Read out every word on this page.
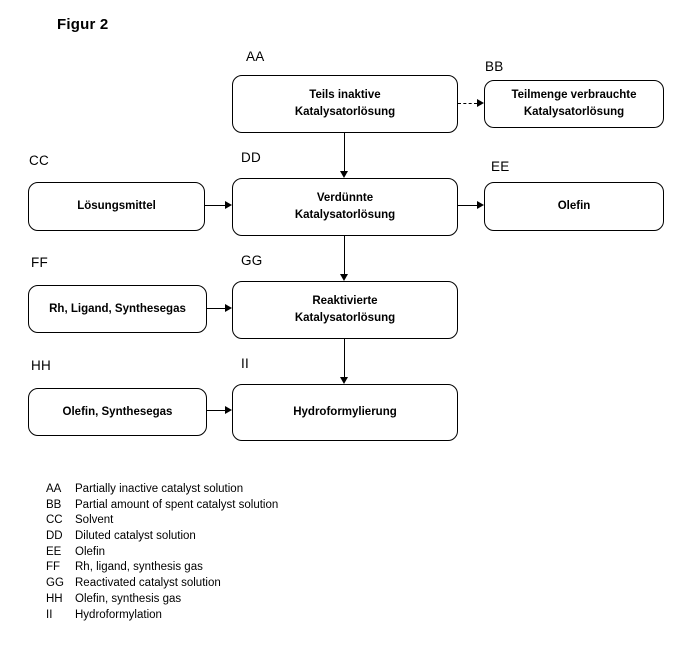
Figur 2
AA
BB
CC	DD
EE
FF	GG
HH	II
Teils inaktive
Katalysatorlösung
Teilmenge verbrauchte
Katalysatorlösung
Lösungsmittel
Verdünnte
Katalysatorlösung
Olefin
Rh, Ligand, Synthesegas
Reaktivierte
Katalysatorlösung
Olefin, Synthesegas	Hydroformylierung
AA	Partially inactive catalyst solution
BB	Partial amount of spent catalyst solution
CC	Solvent
DD	Diluted catalyst solution
EE	Olefin
FF	Rh, ligand, synthesis gas
GG Reactivated catalyst solution
HH	Olefin, synthesis gas
II	Hydroformylation
